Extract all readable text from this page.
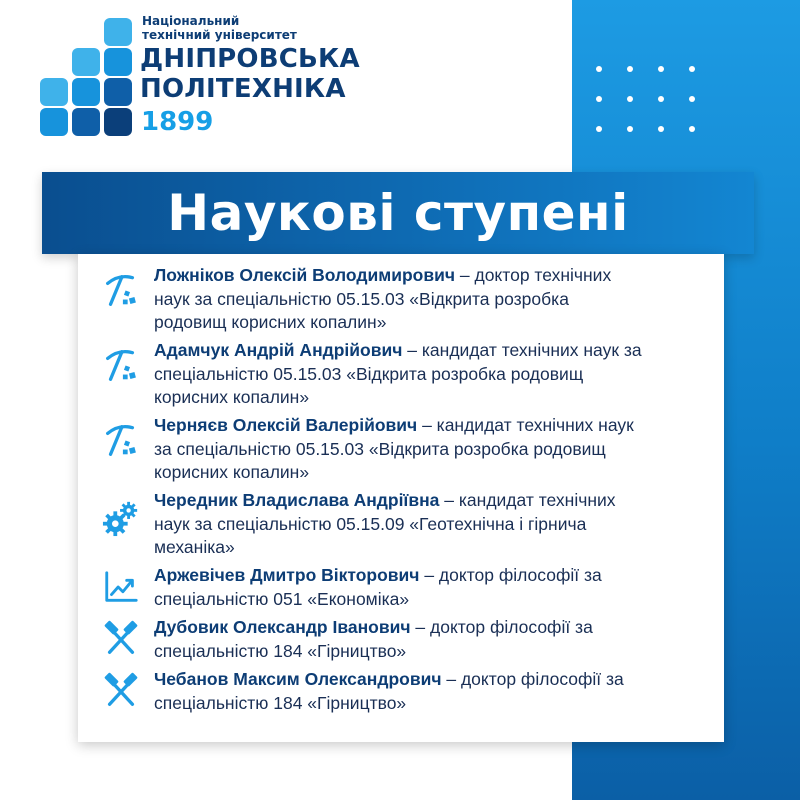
Національний
технічний університет
ДНІПРОВСЬКА
ПОЛІТЕХНІКА
1899
Наукові ступені
Ложніков Олексій Володимирович – доктор технічних
наук за спеціальністю 05.15.03 «Відкрита розробка
родовищ корисних копалин»
Адамчук Андрій Андрійович – кандидат технічних наук за
спеціальністю 05.15.03 «Відкрита розробка родовищ
корисних копалин»
Черняєв Олексій Валерійович – кандидат технічних наук
за спеціальністю 05.15.03 «Відкрита розробка родовищ
корисних копалин»
Чередник Владислава Андріївна – кандидат технічних
наук за спеціальністю 05.15.09 «Геотехнічна і гірнича
механіка»
Аржевічев Дмитро Вікторович – доктор філософії за
спеціальністю 051 «Економіка»
Дубовик Олександр Іванович – доктор філософії за
спеціальністю 184 «Гірництво»
Чебанов Максим Олександрович – доктор філософії за
спеціальністю 184 «Гірництво»
